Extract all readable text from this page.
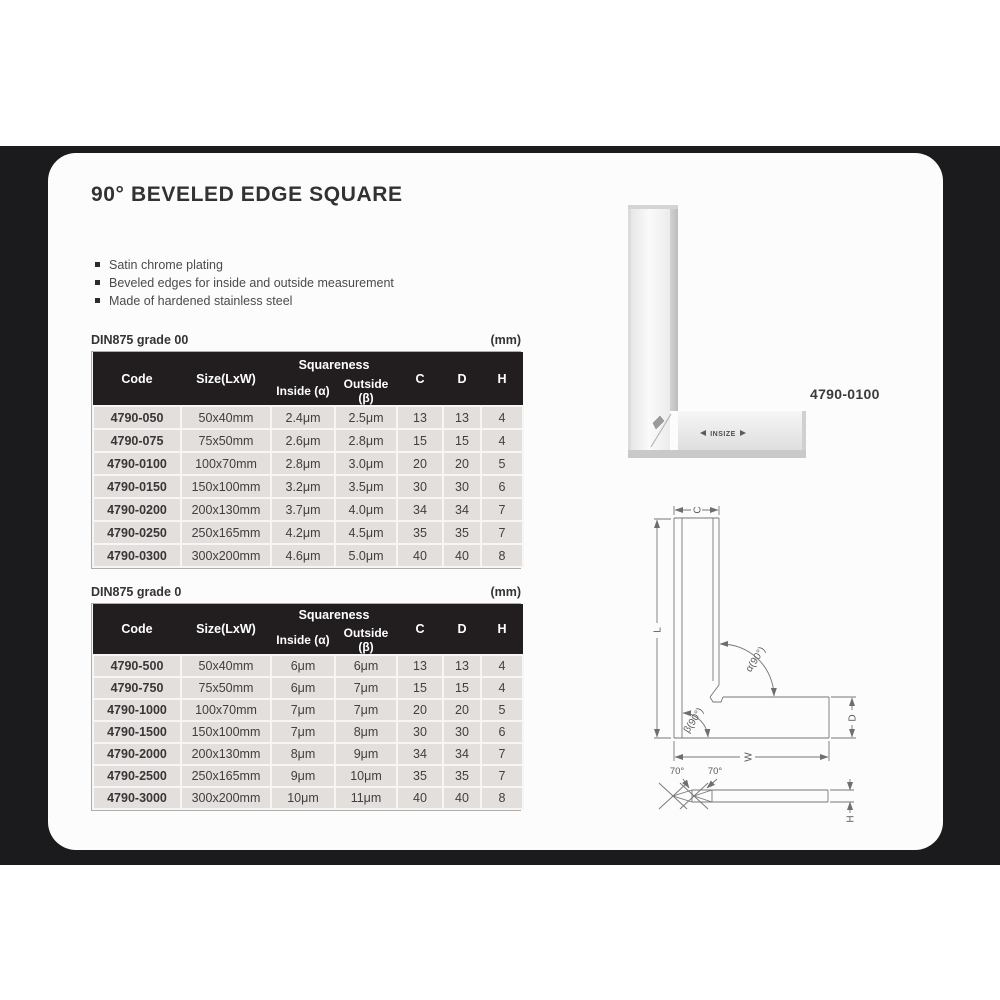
90° BEVELED EDGE SQUARE
Satin chrome plating
Beveled edges for inside and outside measurement
Made of hardened stainless steel
DIN875 grade 00	(mm)
Code	Size(LxW)	Squareness		C	D	H
		Inside (α)	Outside (β)			
4790-050	50x40mm	2.4μm	2.5μm	13	13	4
4790-075	75x50mm	2.6μm	2.8μm	15	15	4
4790-0100	100x70mm	2.8μm	3.0μm	20	20	5
4790-0150	150x100mm	3.2μm	3.5μm	30	30	6
4790-0200	200x130mm	3.7μm	4.0μm	34	34	7
4790-0250	250x165mm	4.2μm	4.5μm	35	35	7
4790-0300	300x200mm	4.6μm	5.0μm	40	40	8
DIN875 grade 0	(mm)
Code	Size(LxW)	Squareness		C	D	H
		Inside (α)	Outside (β)			
4790-500	50x40mm	6μm	6μm	13	13	4
4790-750	75x50mm	6μm	7μm	15	15	4
4790-1000	100x70mm	7μm	7μm	20	20	5
4790-1500	150x100mm	7μm	8μm	30	30	6
4790-2000	200x130mm	8μm	9μm	34	34	7
4790-2500	250x165mm	9μm	10μm	35	35	7
4790-3000	300x200mm	10μm	11μm	40	40	8
INSIZE
4790-0100
C
L
W
D
H
α(90°)
β(90°)
70° 70°
